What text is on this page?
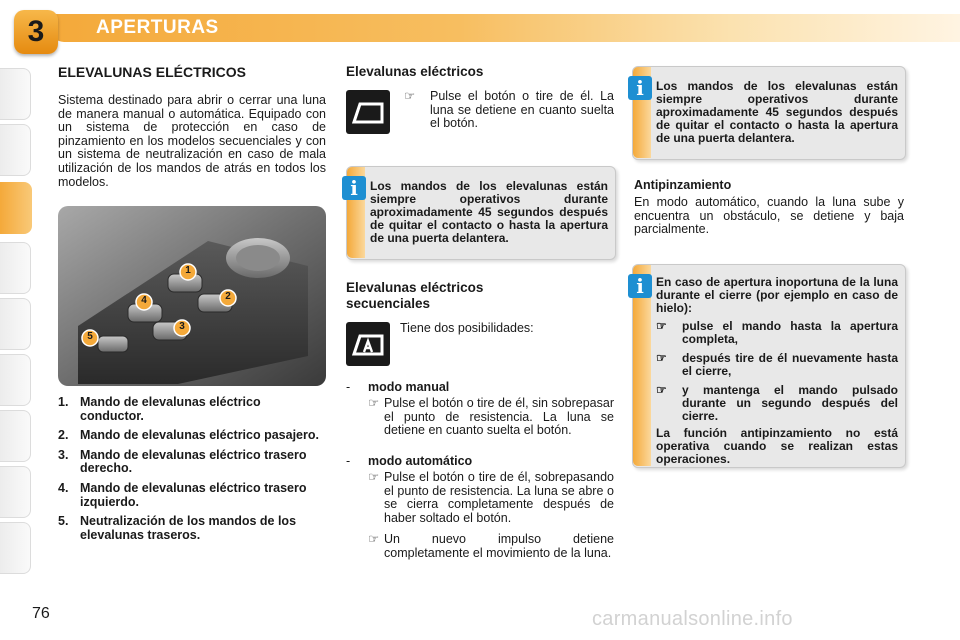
3	APERTURAS
ELEVALUNAS ELÉCTRICOS
Sistema destinado para abrir o cerrar una luna de manera manual o automática. Equipado con un sistema de protección en caso de pinzamiento en los modelos secuenciales y con un sistema de neutralización en caso de mala utilización de los mandos de atrás en todos los modelos.
1
2
3
4
5
1. Mando de elevalunas eléctrico conductor.
2. Mando de elevalunas eléctrico pasajero.
3. Mando de elevalunas eléctrico trasero derecho.
4. Mando de elevalunas eléctrico trasero izquierdo.
5. Neutralización de los mandos de los elevalunas traseros.
Elevalunas eléctricos
☞ Pulse el botón o tire de él. La luna se detiene en cuanto suelta el botón.
i	Los mandos de los elevalunas están siempre operativos durante aproximadamente 45 segundos después de quitar el contacto o hasta la apertura de una puerta delantera.
Elevalunas eléctricos secuenciales
Tiene dos posibilidades:
- modo manual
☞ Pulse el botón o tire de él, sin sobrepasar el punto de resistencia. La luna se detiene en cuanto suelta el botón.
- modo automático
☞ Pulse el botón o tire de él, sobrepasando el punto de resistencia. La luna se abre o se cierra completamente después de haber soltado el botón.
☞ Un nuevo impulso detiene completamente el movimiento de la luna.
i	Los mandos de los elevalunas están siempre operativos durante aproximadamente 45 segundos después de quitar el contacto o hasta la apertura de una puerta delantera.
Antipinzamiento
En modo automático, cuando la luna sube y encuentra un obstáculo, se detiene y baja parcialmente.
i	En caso de apertura inoportuna de la luna durante el cierre (por ejemplo en caso de hielo):
☞ pulse el mando hasta la apertura completa,
☞ después tire de él nuevamente hasta el cierre,
☞ y mantenga el mando pulsado durante un segundo después del cierre.
La función antipinzamiento no está operativa cuando se realizan estas operaciones.
76	carmanualsonline.info
